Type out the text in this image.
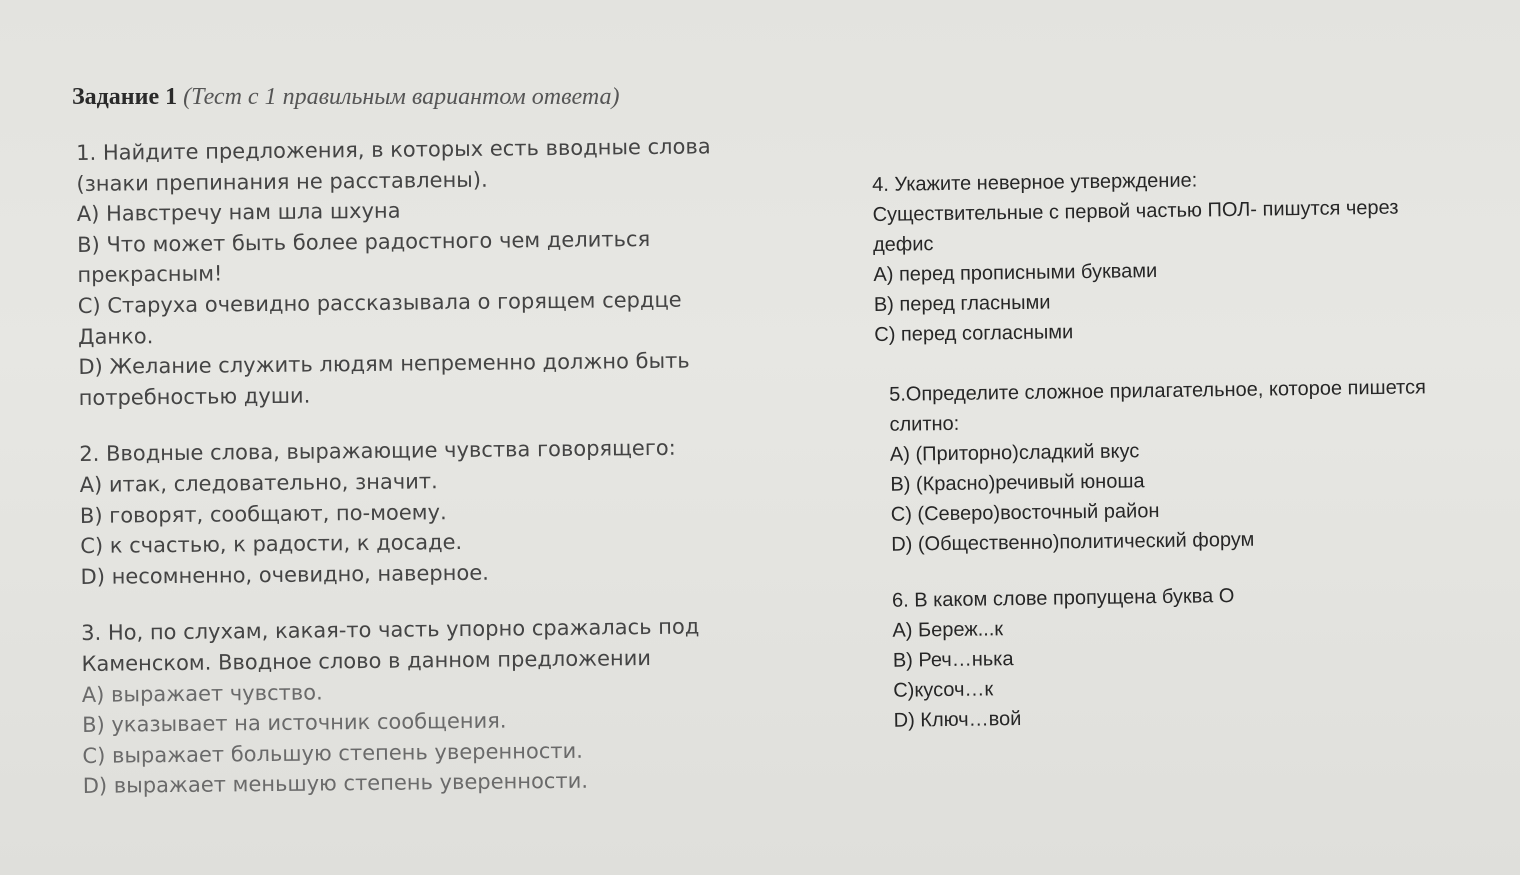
Задание 1 (Тест с 1 правильным вариантом ответа)
1. Найдите предложения, в которых есть вводные слова
(знаки препинания не расставлены).
А) Навстречу нам шла шхуна
В) Что может быть более радостного чем делиться
прекрасным!
С) Старуха очевидно рассказывала о горящем сердце
Данко.
D) Желание служить людям непременно должно быть
потребностью души.
2. Вводные слова, выражающие чувства говорящего:
А) итак, следовательно, значит.
В) говорят, сообщают, по-моему.
С) к счастью, к радости, к досаде.
D) несомненно, очевидно, наверное.
3. Но, по слухам, какая-то часть упорно сражалась под
Каменском. Вводное слово в данном предложении
А) выражает чувство.
В) указывает на источник сообщения.
С) выражает большую степень уверенности.
D) выражает меньшую степень уверенности.
4. Укажите неверное утверждение:
Существительные с первой частью ПОЛ- пишутся через
дефис
А) перед прописными буквами
В) перед гласными
С) перед согласными
5.Определите сложное прилагательное, которое пишется
слитно:
А) (Приторно)сладкий вкус
В) (Красно)речивый юноша
С) (Северо)восточный район
D) (Общественно)политический форум
6. В каком слове пропущена буква О
А) Береж...к
В) Реч…нька
С)кусоч…к
D) Ключ…вой
